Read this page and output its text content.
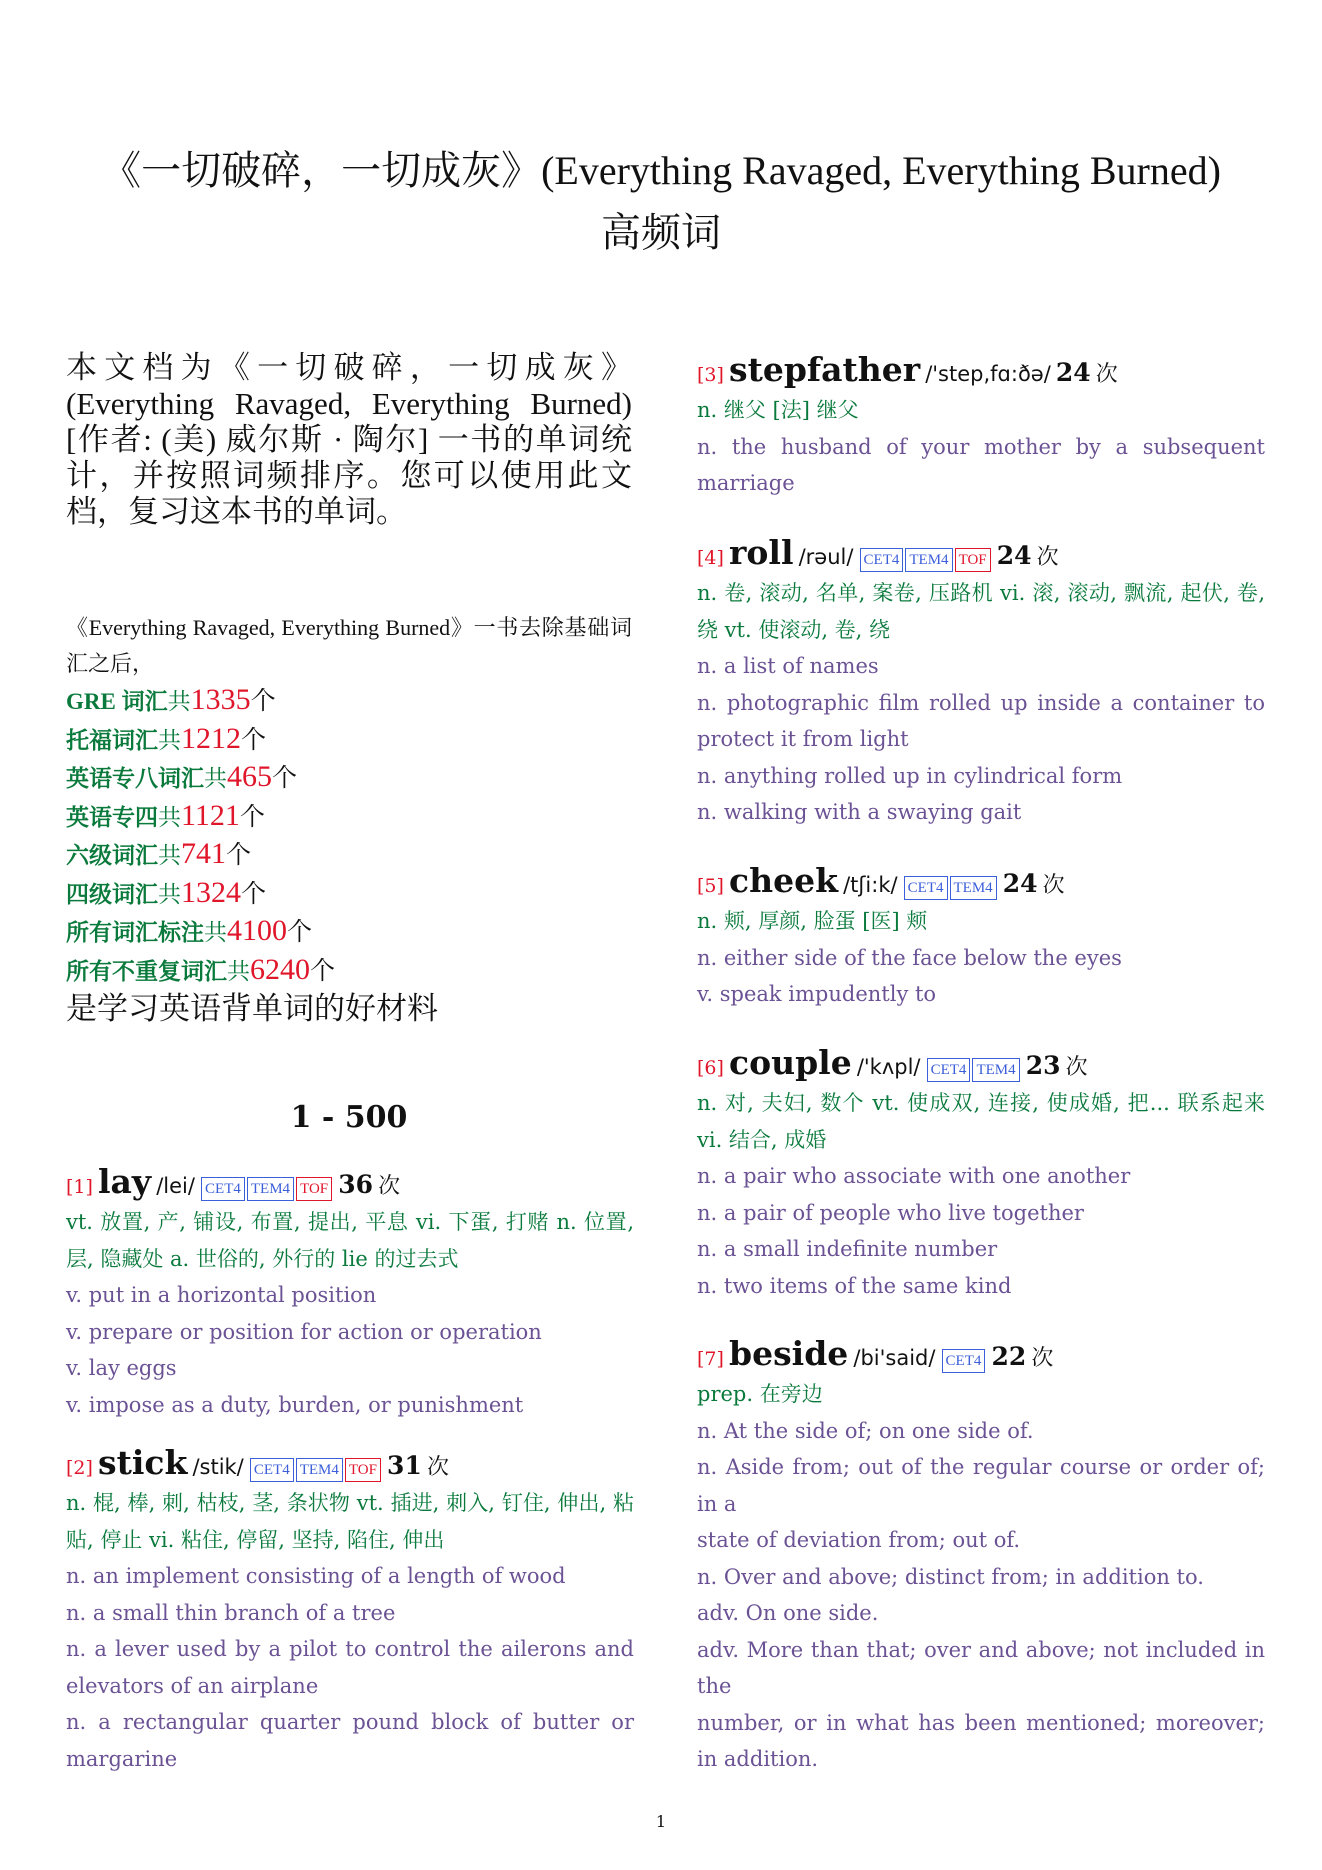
《一切破碎，一切成灰》(Everything Ravaged, Everything Burned)
高频词
本文档为《一切破碎，一切成灰》(Everything Ravaged, Everything Burned)[作者: (美) 威尔斯 · 陶尔] 一书的单词统计，并按照词频排序。您可以使用此文档，复习这本书的单词。
《Everything Ravaged, Everything Burned》一书去除基础词汇之后，
GRE 词汇共1335个
托福词汇共1212个
英语专八词汇共465个
英语专四共1121个
六级词汇共741个
四级词汇共1324个
所有词汇标注共4100个
所有不重复词汇共6240个
是学习英语背单词的好材料
1 - 500
[1] lay /lei/ CET4 TEM4 TOF 36 次
vt. 放置, 产, 铺设, 布置, 提出, 平息 vi. 下蛋, 打赌 n. 位置, 层, 隐藏处 a. 世俗的, 外行的 lie 的过去式
v. put in a horizontal position
v. prepare or position for action or operation
v. lay eggs
v. impose as a duty, burden, or punishment
[2] stick /stik/ CET4 TEM4 TOF 31 次
n. 棍, 棒, 刺, 枯枝, 茎, 条状物 vt. 插进, 刺入, 钉住, 伸出, 粘贴, 停止 vi. 粘住, 停留, 坚持, 陷住, 伸出
n. an implement consisting of a length of wood
n. a small thin branch of a tree
n. a lever used by a pilot to control the ailerons and elevators of an airplane
n. a rectangular quarter pound block of butter or margarine
[3] stepfather /'step,fɑ:ðə/ 24 次
n. 继父 [法] 继父
n. the husband of your mother by a subsequent marriage
[4] roll /rəul/ CET4 TEM4 TOF 24 次
n. 卷, 滚动, 名单, 案卷, 压路机 vi. 滚, 滚动, 飘流, 起伏, 卷, 绕 vt. 使滚动, 卷, 绕
n. a list of names
n. photographic film rolled up inside a container to protect it from light
n. anything rolled up in cylindrical form
n. walking with a swaying gait
[5] cheek /tʃi:k/ CET4 TEM4 24 次
n. 颊, 厚颜, 脸蛋 [医] 颊
n. either side of the face below the eyes
v. speak impudently to
[6] couple /'kʌpl/ CET4 TEM4 23 次
n. 对, 夫妇, 数个 vt. 使成双, 连接, 使成婚, 把... 联系起来 vi. 结合, 成婚
n. a pair who associate with one another
n. a pair of people who live together
n. a small indefinite number
n. two items of the same kind
[7] beside /bi'said/ CET4 22 次
prep. 在旁边
n. At the side of; on one side of.
n. Aside from; out of the regular course or order of; in a
state of deviation from; out of.
n. Over and above; distinct from; in addition to.
adv. On one side.
adv. More than that; over and above; not included in the
number, or in what has been mentioned; moreover; in addition.
1
